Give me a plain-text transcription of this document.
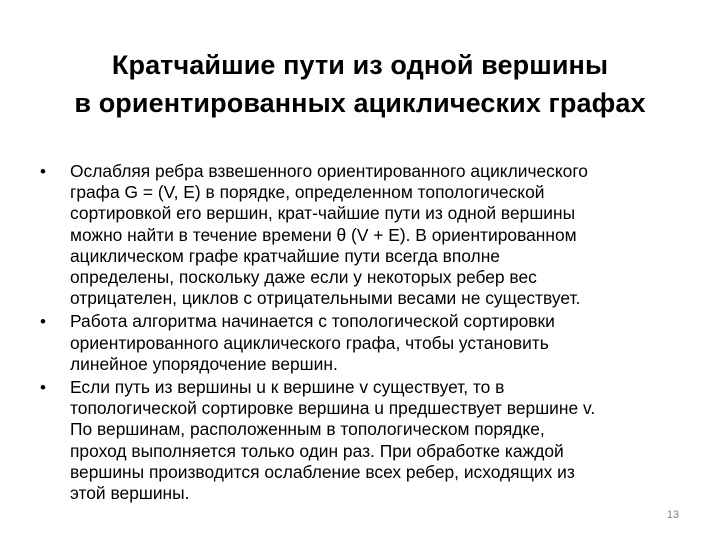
Кратчайшие пути из одной вершины
в ориентированных ациклических графах
•	Ослабляя ребра взвешенного ориентированного ациклического
графа G = (V, E) в порядке, определенном топологической
сортировкой его вершин, крат-чайшие пути из одной вершины
можно найти в течение времени θ (V + E). В ориентированном
ациклическом графе кратчайшие пути всегда вполне
определены, поскольку даже если у некоторых ребер вес
отрицателен, циклов с отрицательными весами не существует.
•	Работа алгоритма начинается с топологической сортировки
ориентированного ациклического графа, чтобы установить
линейное упорядочение вершин.
•	Если путь из вершины u к вершине v существует, то в
топологической сортировке вершина u предшествует вершине v.
По вершинам, расположенным в топологическом порядке,
проход выполняется только один раз. При обработке каждой
вершины производится ослабление всех ребер, исходящих из
этой вершины.
13
